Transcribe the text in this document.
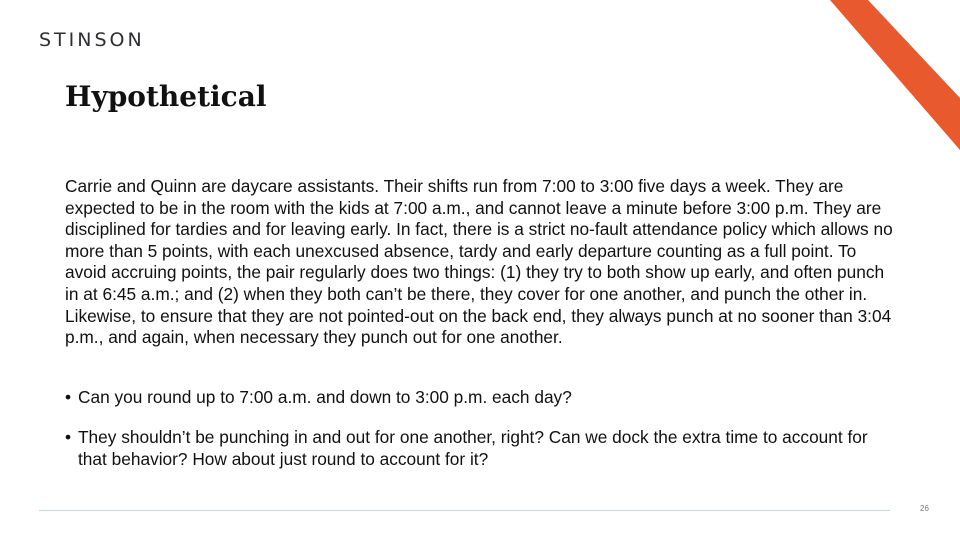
STINSON
Hypothetical

Carrie and Quinn are daycare assistants. Their shifts run from 7:00 to 3:00 five days a week. They are expected to be in the room with the kids at 7:00 a.m., and cannot leave a minute before 3:00 p.m. They are disciplined for tardies and for leaving early. In fact, there is a strict no-fault attendance policy which allows no more than 5 points, with each unexcused absence, tardy and early departure counting as a full point. To avoid accruing points, the pair regularly does two things: (1) they try to both show up early, and often punch in at 6:45 a.m.; and (2) when they both can’t be there, they cover for one another, and punch the other in. Likewise, to ensure that they are not pointed-out on the back end, they always punch at no sooner than 3:04 p.m., and again, when necessary they punch out for one another.

• Can you round up to 7:00 a.m. and down to 3:00 p.m. each day?
• They shouldn’t be punching in and out for one another, right? Can we dock the extra time to account for that behavior? How about just round to account for it?
26
